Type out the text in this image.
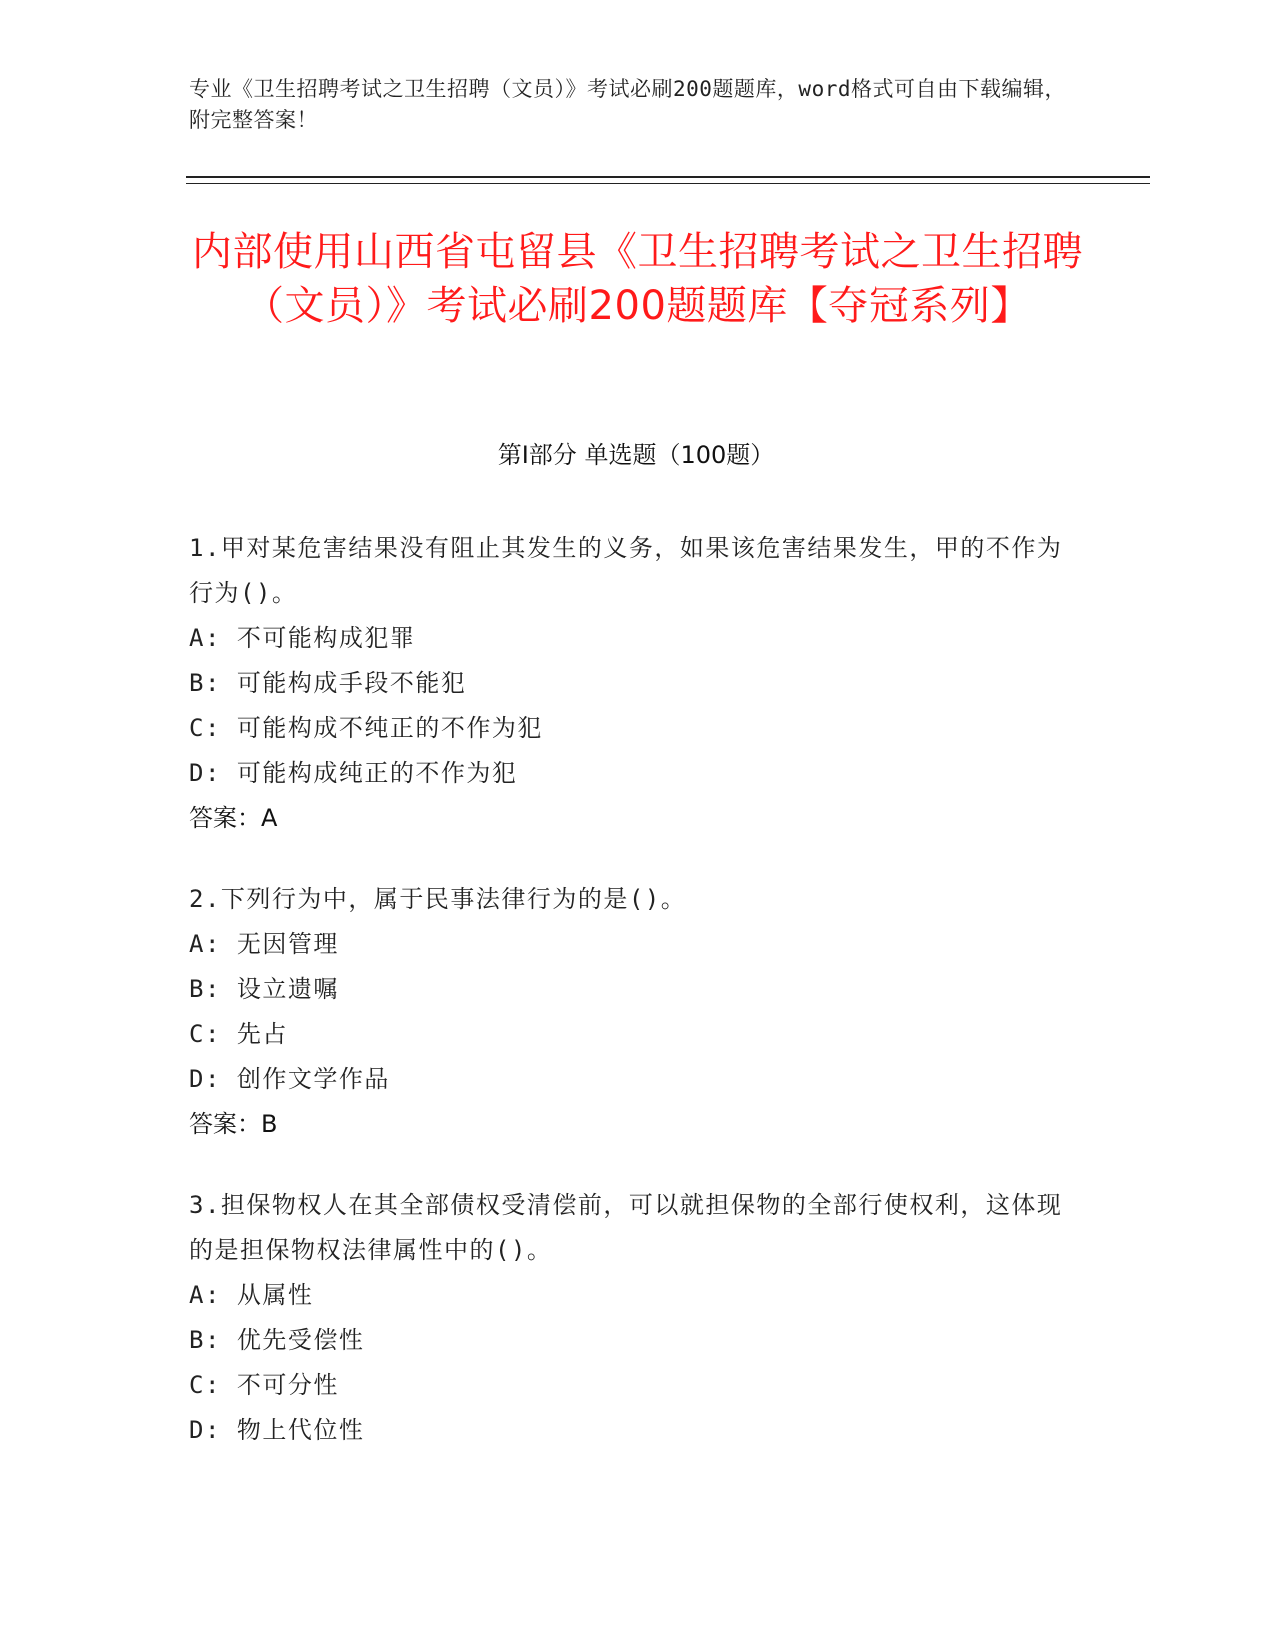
专业《卫生招聘考试之卫生招聘（文员）》考试必刷200题题库，word格式可自由下载编辑，附完整答案！
内部使用山西省屯留县《卫生招聘考试之卫生招聘（文员）》考试必刷200题题库【夺冠系列】
第Ⅰ部分 单选题（100题）
1.甲对某危害结果没有阻止其发生的义务，如果该危害结果发生，甲的不作为行为()。
A: 不可能构成犯罪
B: 可能构成手段不能犯
C: 可能构成不纯正的不作为犯
D: 可能构成纯正的不作为犯
答案：A
2.下列行为中，属于民事法律行为的是()。
A: 无因管理
B: 设立遗嘱
C: 先占
D: 创作文学作品
答案：B
3.担保物权人在其全部债权受清偿前，可以就担保物的全部行使权利，这体现的是担保物权法律属性中的()。
A: 从属性
B: 优先受偿性
C: 不可分性
D: 物上代位性
